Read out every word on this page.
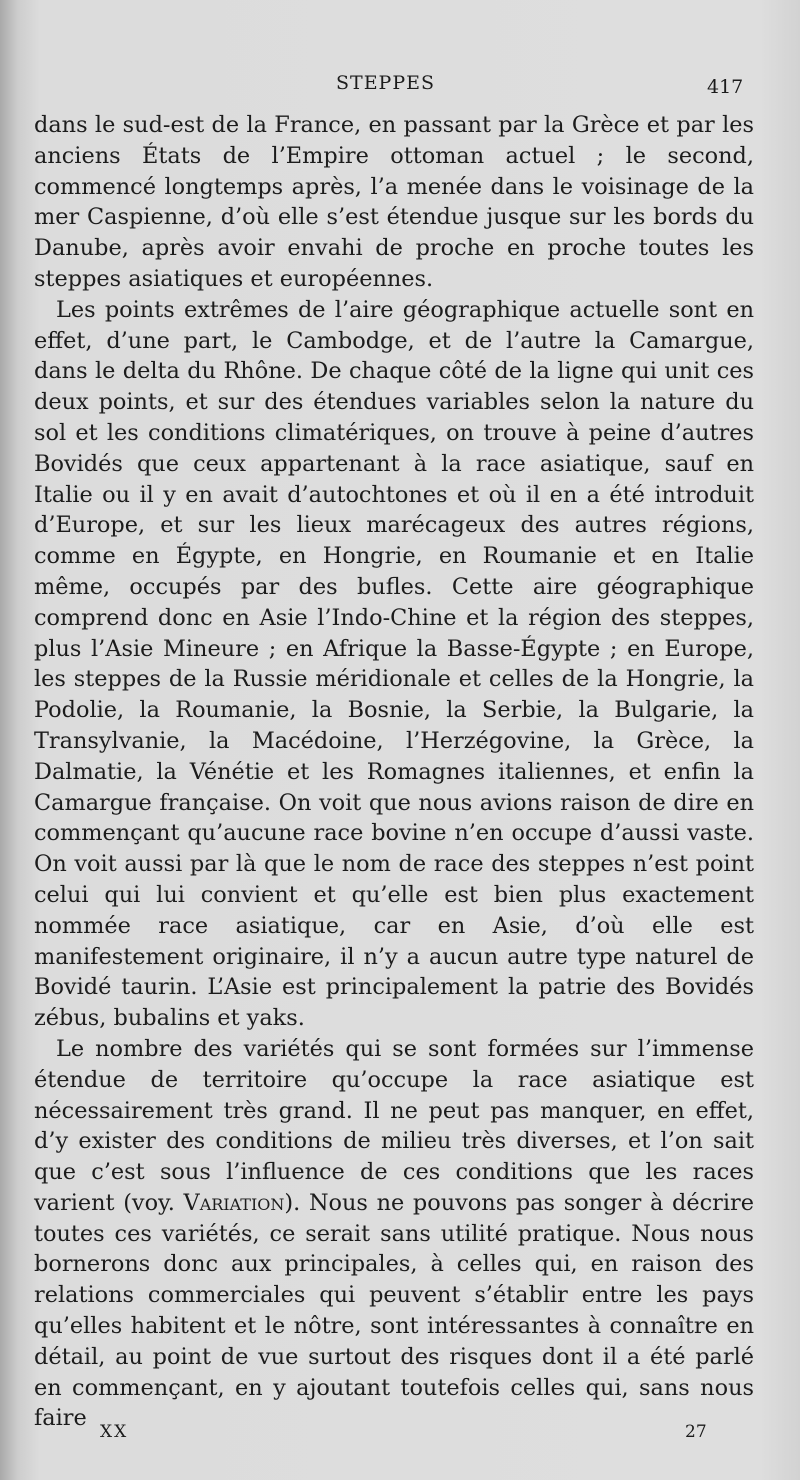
STEPPES	417

dans le sud-est de la France, en passant par la Grèce et par les anciens États de l’Empire ottoman actuel ; le second, commencé longtemps après, l’a menée dans le voisinage de la mer Caspienne, d’où elle s’est étendue jusque sur les bords du Danube, après avoir envahi de proche en proche toutes les steppes asiatiques et européennes.

Les points extrêmes de l’aire géographique actuelle sont en effet, d’une part, le Cambodge, et de l’autre la Camargue, dans le delta du Rhône. De chaque côté de la ligne qui unit ces deux points, et sur des étendues variables selon la nature du sol et les conditions climatériques, on trouve à peine d’autres Bovidés que ceux appartenant à la race asiatique, sauf en Italie ou il y en avait d’autochtones et où il en a été introduit d’Europe, et sur les lieux marécageux des autres régions, comme en Égypte, en Hongrie, en Roumanie et en Italie même, occupés par des bufles. Cette aire géographique comprend donc en Asie l’Indo-Chine et la région des steppes, plus l’Asie Mineure ; en Afrique la Basse-Égypte ; en Europe, les steppes de la Russie méridionale et celles de la Hongrie, la Podolie, la Roumanie, la Bosnie, la Serbie, la Bulgarie, la Transylvanie, la Macédoine, l’Herzégovine, la Grèce, la Dalmatie, la Vénétie et les Romagnes italiennes, et enfin la Camargue française. On voit que nous avions raison de dire en commençant qu’aucune race bovine n’en occupe d’aussi vaste. On voit aussi par là que le nom de race des steppes n’est point celui qui lui convient et qu’elle est bien plus exactement nommée race asiatique, car en Asie, d’où elle est manifestement originaire, il n’y a aucun autre type naturel de Bovidé taurin. L’Asie est principalement la patrie des Bovidés zébus, bubalins et yaks.

Le nombre des variétés qui se sont formées sur l’immense étendue de territoire qu’occupe la race asiatique est nécessairement très grand. Il ne peut pas manquer, en effet, d’y exister des conditions de milieu très diverses, et l’on sait que c’est sous l’influence de ces conditions que les races varient (voy. Variation). Nous ne pouvons pas songer à décrire toutes ces variétés, ce serait sans utilité pratique. Nous nous bornerons donc aux principales, à celles qui, en raison des relations commerciales qui peuvent s’établir entre les pays qu’elles habitent et le nôtre, sont intéressantes à connaître en détail, au point de vue surtout des risques dont il a été parlé en commençant, en y ajoutant toutefois celles qui, sans nous faire

XX	27
